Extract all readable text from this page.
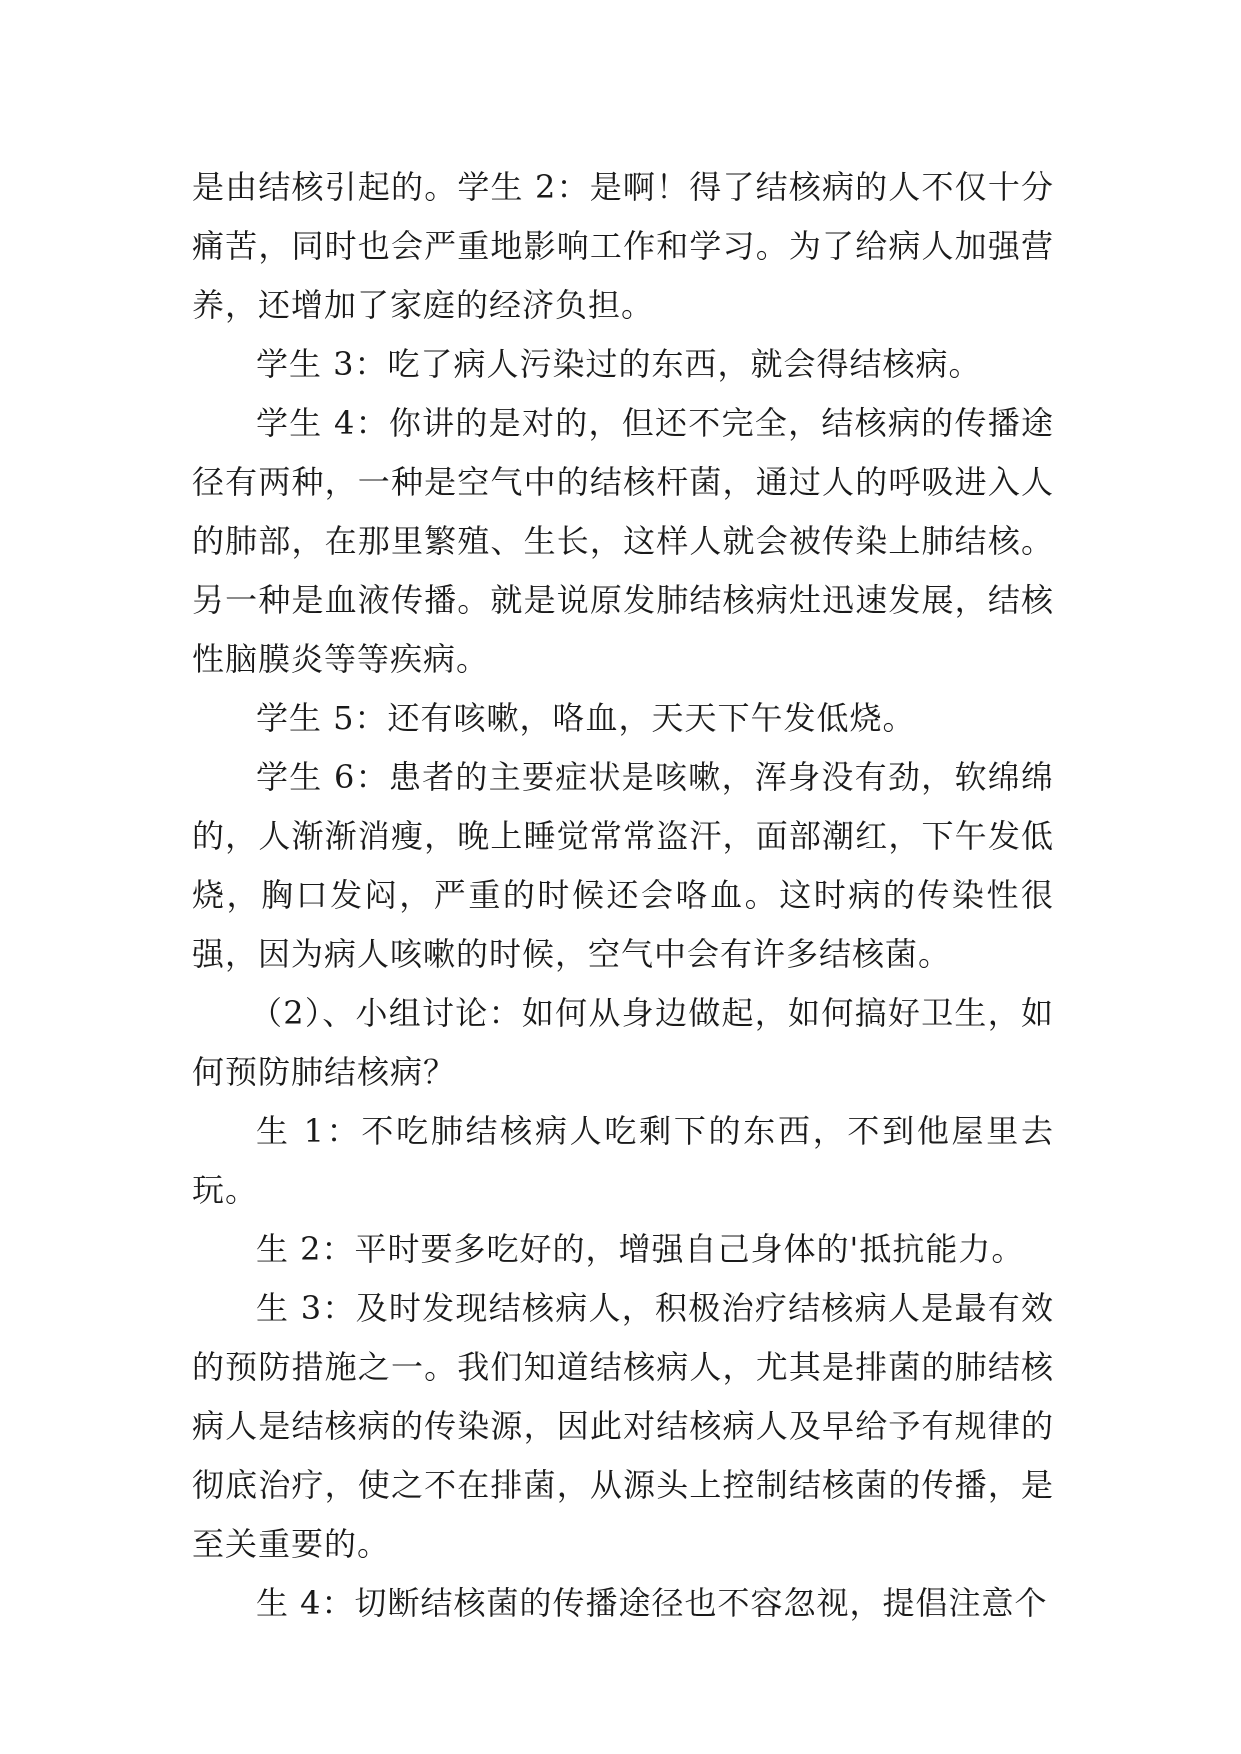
是由结核引起的。学生 2：是啊！得了结核病的人不仅十分痛苦，同时也会严重地影响工作和学习。为了给病人加强营养，还增加了家庭的经济负担。

学生 3：吃了病人污染过的东西，就会得结核病。

学生 4：你讲的是对的，但还不完全，结核病的传播途径有两种，一种是空气中的结核杆菌，通过人的呼吸进入人的肺部，在那里繁殖、生长，这样人就会被传染上肺结核。另一种是血液传播。就是说原发肺结核病灶迅速发展，结核性脑膜炎等等疾病。

学生 5：还有咳嗽，咯血，天天下午发低烧。

学生 6：患者的主要症状是咳嗽，浑身没有劲，软绵绵的，人渐渐消瘦，晚上睡觉常常盗汗，面部潮红，下午发低烧，胸口发闷，严重的时候还会咯血。这时病的传染性很强，因为病人咳嗽的时候，空气中会有许多结核菌。

（2）、小组讨论：如何从身边做起，如何搞好卫生，如何预防肺结核病？

生 1：不吃肺结核病人吃剩下的东西，不到他屋里去玩。

生 2：平时要多吃好的，增强自己身体的'抵抗能力。

生 3：及时发现结核病人，积极治疗结核病人是最有效的预防措施之一。我们知道结核病人，尤其是排菌的肺结核病人是结核病的传染源，因此对结核病人及早给予有规律的彻底治疗，使之不在排菌，从源头上控制结核菌的传播，是至关重要的。

生 4：切断结核菌的传播途径也不容忽视，提倡注意个
